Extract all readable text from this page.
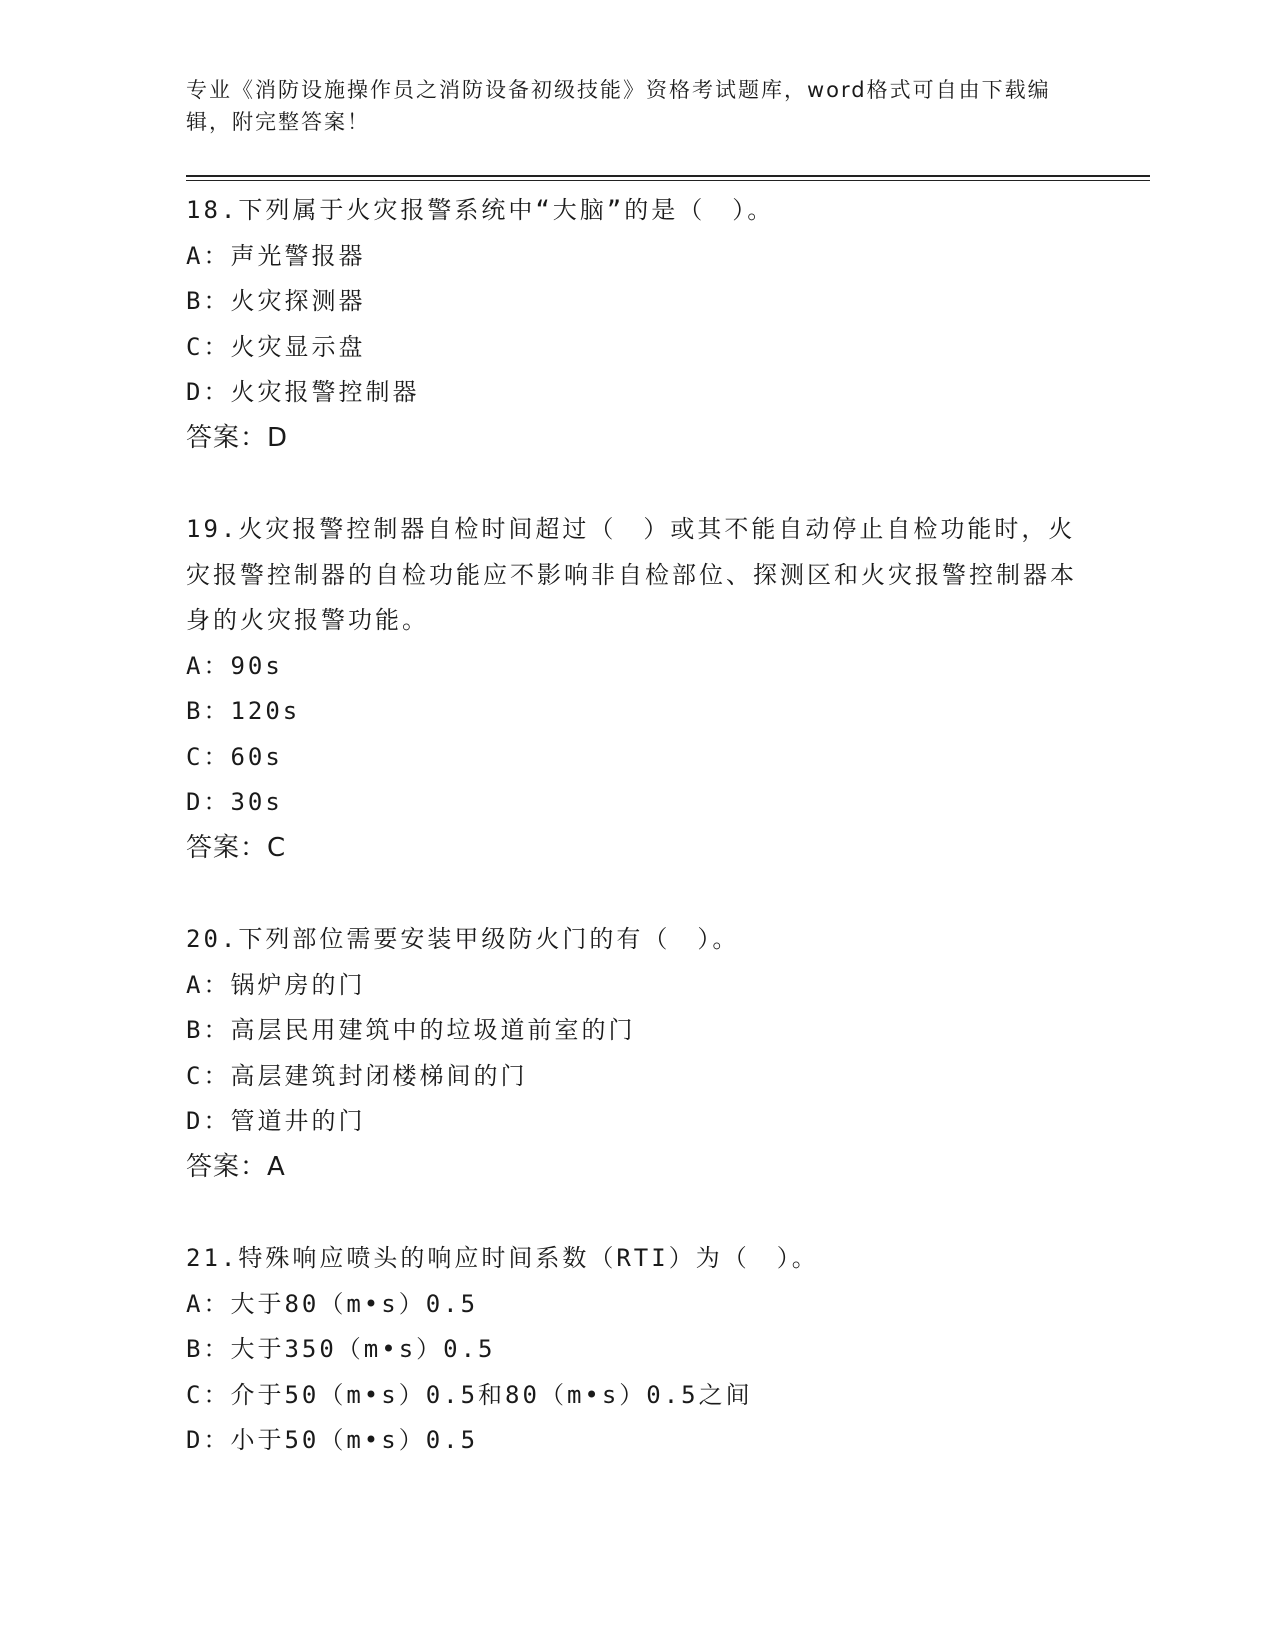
专业《消防设施操作员之消防设备初级技能》资格考试题库，word格式可自由下载编辑，附完整答案！

18.下列属于火灾报警系统中“大脑”的是（　）。

A：声光警报器

B：火灾探测器

C：火灾显示盘

D：火灾报警控制器

答案：D

19.火灾报警控制器自检时间超过（　）或其不能自动停止自检功能时，火灾报警控制器的自检功能应不影响非自检部位、探测区和火灾报警控制器本身的火灾报警功能。

A：90s

B：120s

C：60s

D：30s

答案：C

20.下列部位需要安装甲级防火门的有（　）。

A：锅炉房的门

B：高层民用建筑中的垃圾道前室的门

C：高层建筑封闭楼梯间的门

D：管道井的门

答案：A

21.特殊响应喷头的响应时间系数（RTI）为（　）。

A：大于80（m•s）0.5

B：大于350（m•s）0.5

C：介于50（m•s）0.5和80（m•s）0.5之间

D：小于50（m•s）0.5
